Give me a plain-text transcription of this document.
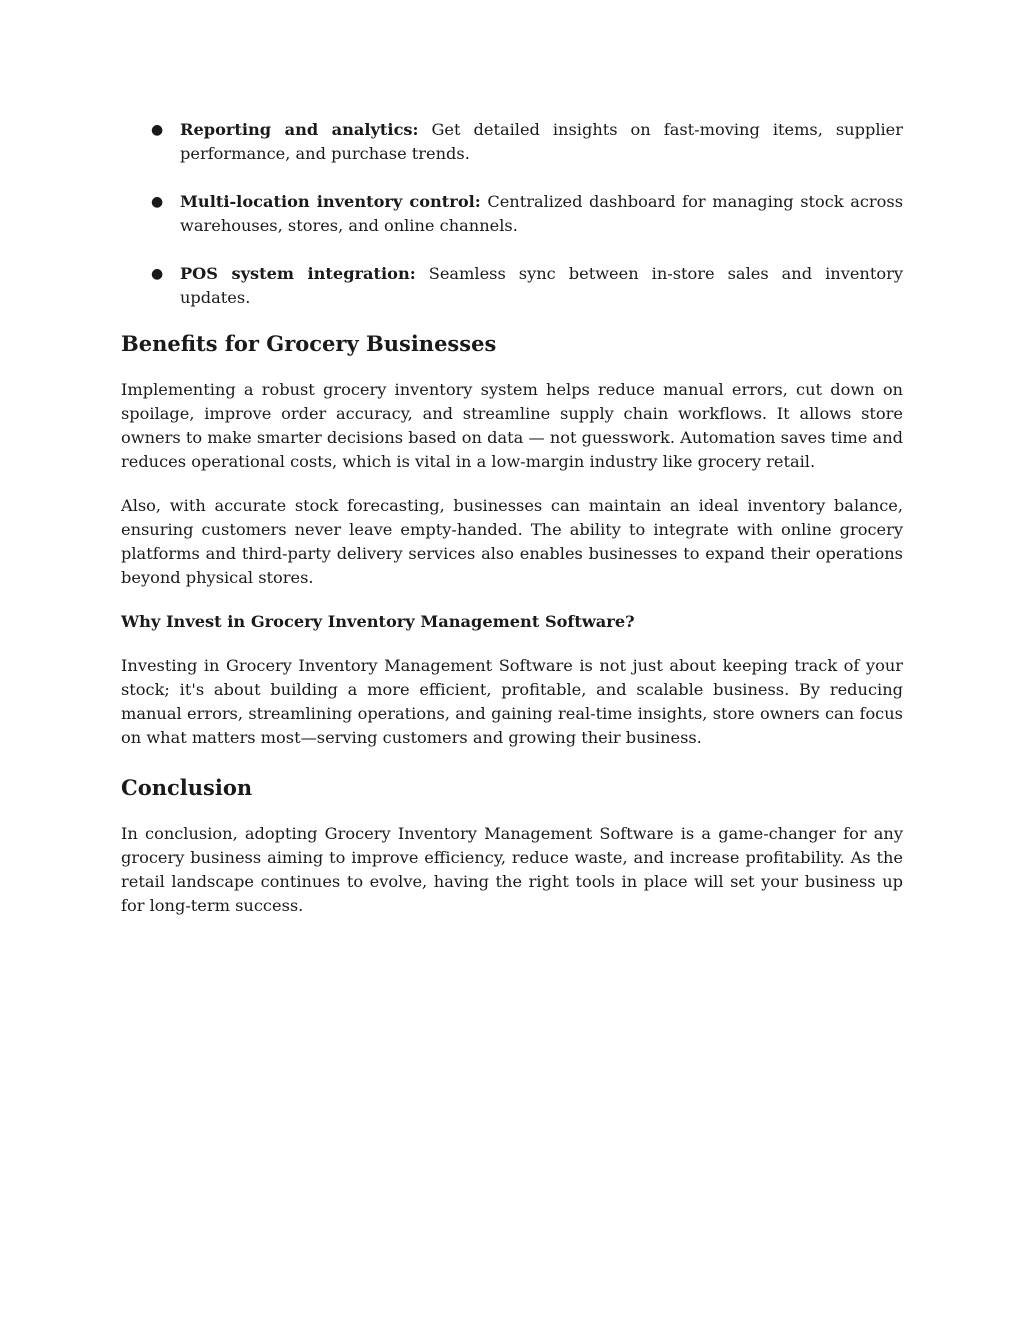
● Reporting and analytics: Get detailed insights on fast-moving items, supplier performance, and purchase trends.
● Multi-location inventory control: Centralized dashboard for managing stock across warehouses, stores, and online channels.
● POS system integration: Seamless sync between in-store sales and inventory updates.
Benefits for Grocery Businesses

Implementing a robust grocery inventory system helps reduce manual errors, cut down on spoilage, improve order accuracy, and streamline supply chain workflows. It allows store owners to make smarter decisions based on data — not guesswork. Automation saves time and reduces operational costs, which is vital in a low-margin industry like grocery retail.

Also, with accurate stock forecasting, businesses can maintain an ideal inventory balance, ensuring customers never leave empty-handed. The ability to integrate with online grocery platforms and third-party delivery services also enables businesses to expand their operations beyond physical stores.

Why Invest in Grocery Inventory Management Software?

Investing in Grocery Inventory Management Software is not just about keeping track of your stock; it's about building a more efficient, profitable, and scalable business. By reducing manual errors, streamlining operations, and gaining real-time insights, store owners can focus on what matters most—serving customers and growing their business.

Conclusion

In conclusion, adopting Grocery Inventory Management Software is a game-changer for any grocery business aiming to improve efficiency, reduce waste, and increase profitability. As the retail landscape continues to evolve, having the right tools in place will set your business up for long-term success.
